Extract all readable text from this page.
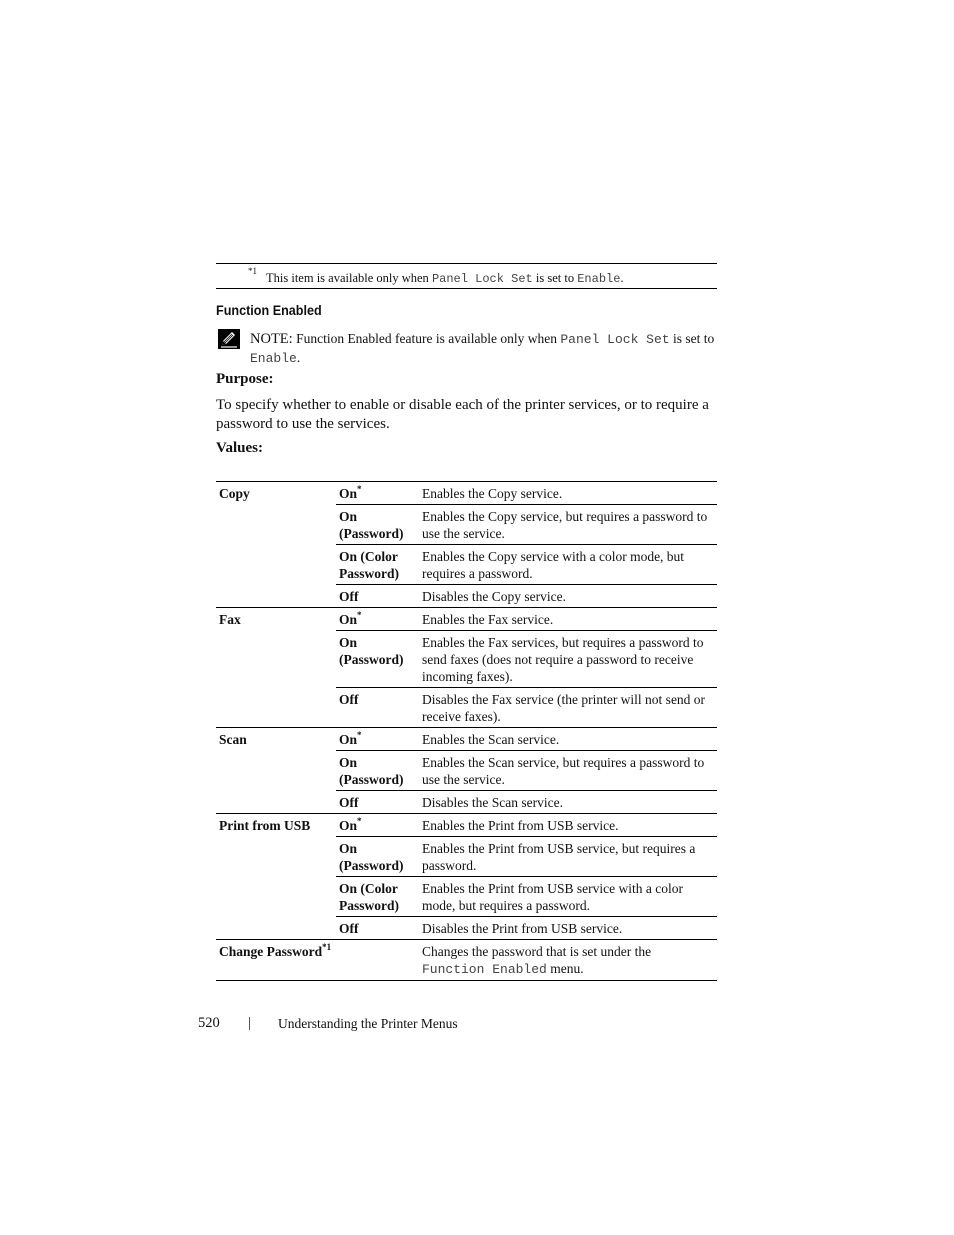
*1 This item is available only when Panel Lock Set is set to Enable.
Function Enabled
NOTE: Function Enabled feature is available only when Panel Lock Set is set to Enable.
Purpose:

To specify whether to enable or disable each of the printer services, or to require a password to use the services.

Values:
Copy	On*	Enables the Copy service.
	On (Password)	Enables the Copy service, but requires a password to use the service.
	On (Color Password)	Enables the Copy service with a color mode, but requires a password.
	Off	Disables the Copy service.
Fax	On*	Enables the Fax service.
	On (Password)	Enables the Fax services, but requires a password to send faxes (does not require a password to receive incoming faxes).
	Off	Disables the Fax service (the printer will not send or receive faxes).
Scan	On*	Enables the Scan service.
	On (Password)	Enables the Scan service, but requires a password to use the service.
	Off	Disables the Scan service.
Print from USB	On*	Enables the Print from USB service.
	On (Password)	Enables the Print from USB service, but requires a password.
	On (Color Password)	Enables the Print from USB service with a color mode, but requires a password.
	Off	Disables the Print from USB service.
Change Password$^{*1}$		Changes the password that is set under the Function Enabled menu.
520 | Understanding the Printer Menus
